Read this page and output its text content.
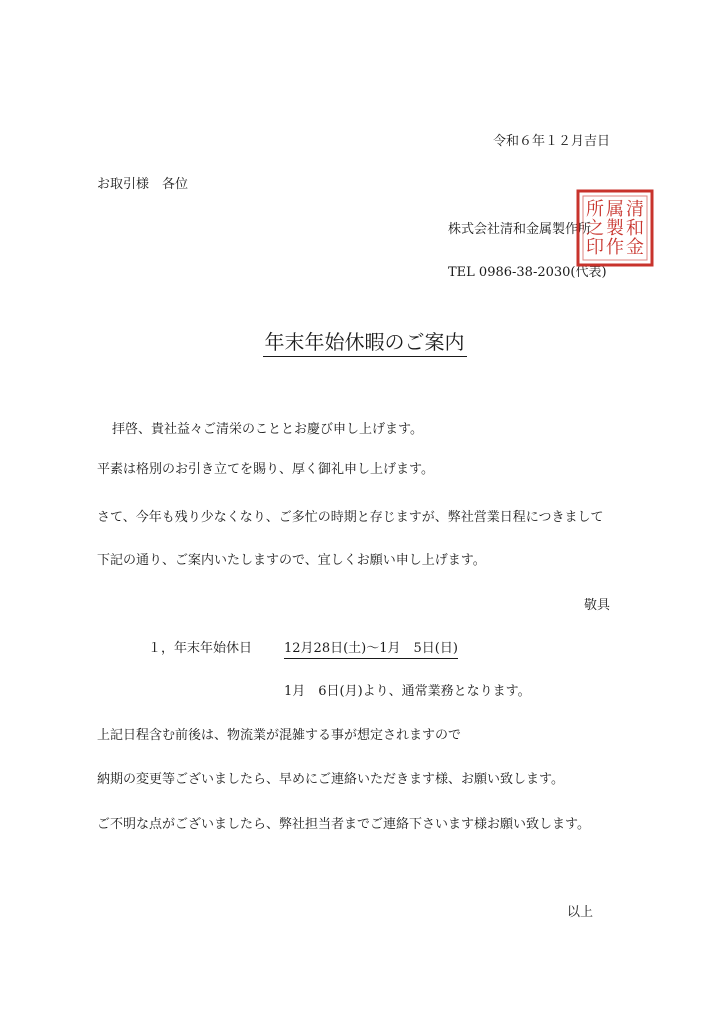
令和６年１２月吉日
お取引様　各位
株式会社清和金属製作所
TEL 0986-38-2030(代表)
清
和
金
属
製
作
所
之
印
年末年始休暇のご案内
拝啓、貴社益々ご清栄のこととお慶び申し上げます。
平素は格別のお引き立てを賜り、厚く御礼申し上げます。
さて、今年も残り少なくなり、ご多忙の時期と存じますが、弊社営業日程につきまして
下記の通り、ご案内いたしますので、宜しくお願い申し上げます。
敬具
１，年末年始休日 12月28日(土)～1月　5日(日)
1月　6日(月)より、通常業務となります。
上記日程含む前後は、物流業が混雑する事が想定されますので
納期の変更等ございましたら、早めにご連絡いただきます様、お願い致します。
ご不明な点がございましたら、弊社担当者までご連絡下さいます様お願い致します。
以上
